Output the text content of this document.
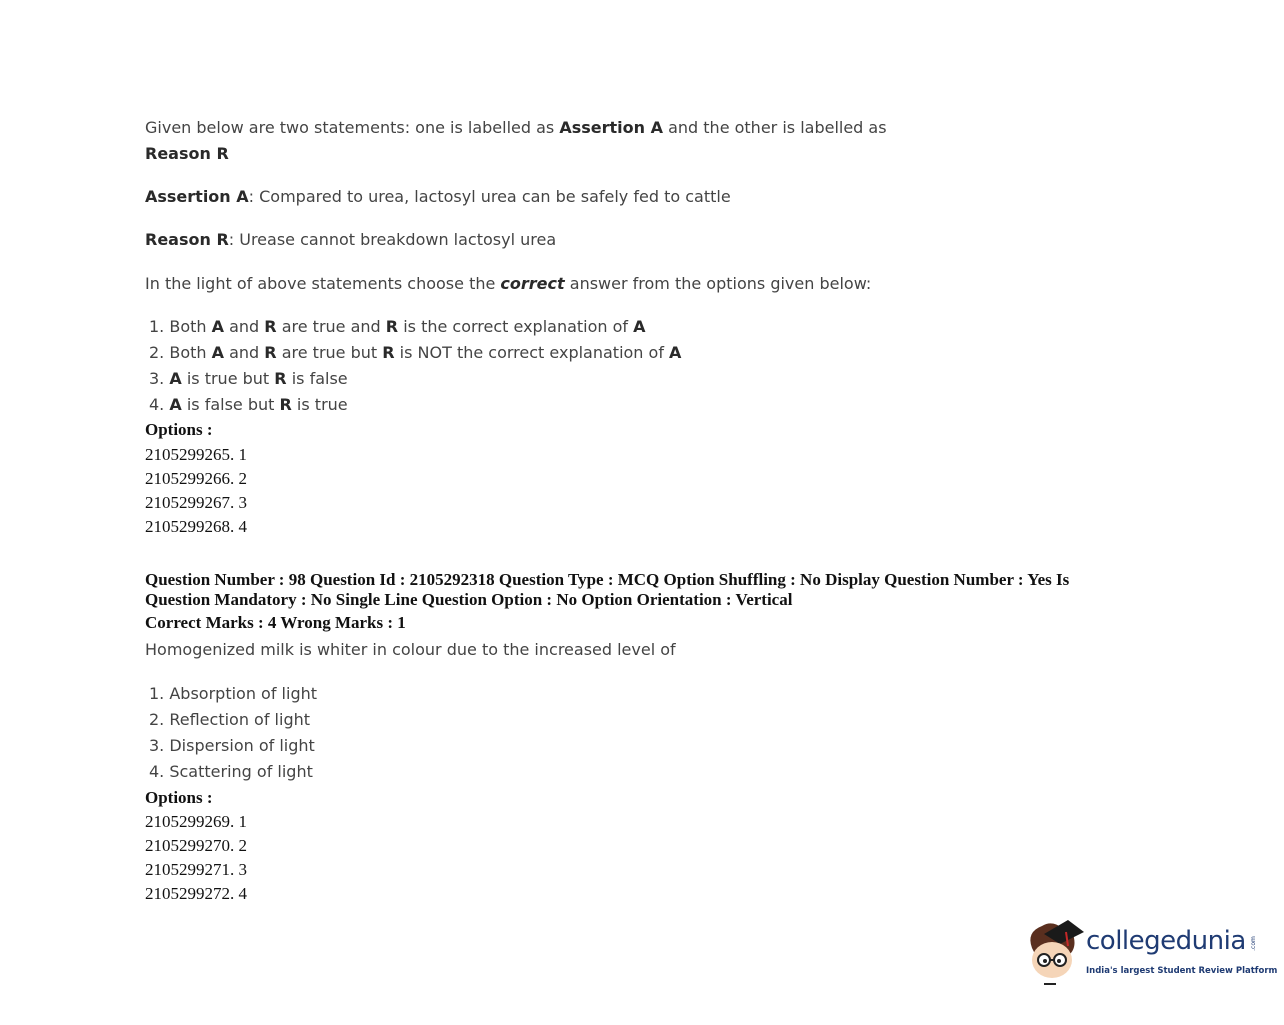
Given below are two statements: one is labelled as Assertion A and the other is labelled as
Reason R
Assertion A: Compared to urea, lactosyl urea can be safely fed to cattle
Reason R: Urease cannot breakdown lactosyl urea
In the light of above statements choose the correct answer from the options given below:
1. Both A and R are true and R is the correct explanation of A
2. Both A and R are true but R is NOT the correct explanation of A
3. A is true but R is false
4. A is false but R is true
Options :
2105299265. 1
2105299266. 2
2105299267. 3
2105299268. 4
Question Number : 98 Question Id : 2105292318 Question Type : MCQ Option Shuffling : No Display Question Number : Yes Is
Question Mandatory : No Single Line Question Option : No Option Orientation : Vertical
Correct Marks : 4 Wrong Marks : 1
Homogenized milk is whiter in colour due to the increased level of
1. Absorption of light
2. Reflection of light
3. Dispersion of light
4. Scattering of light
Options :
2105299269. 1
2105299270. 2
2105299271. 3
2105299272. 4
collegedunia .com
India's largest Student Review Platform
